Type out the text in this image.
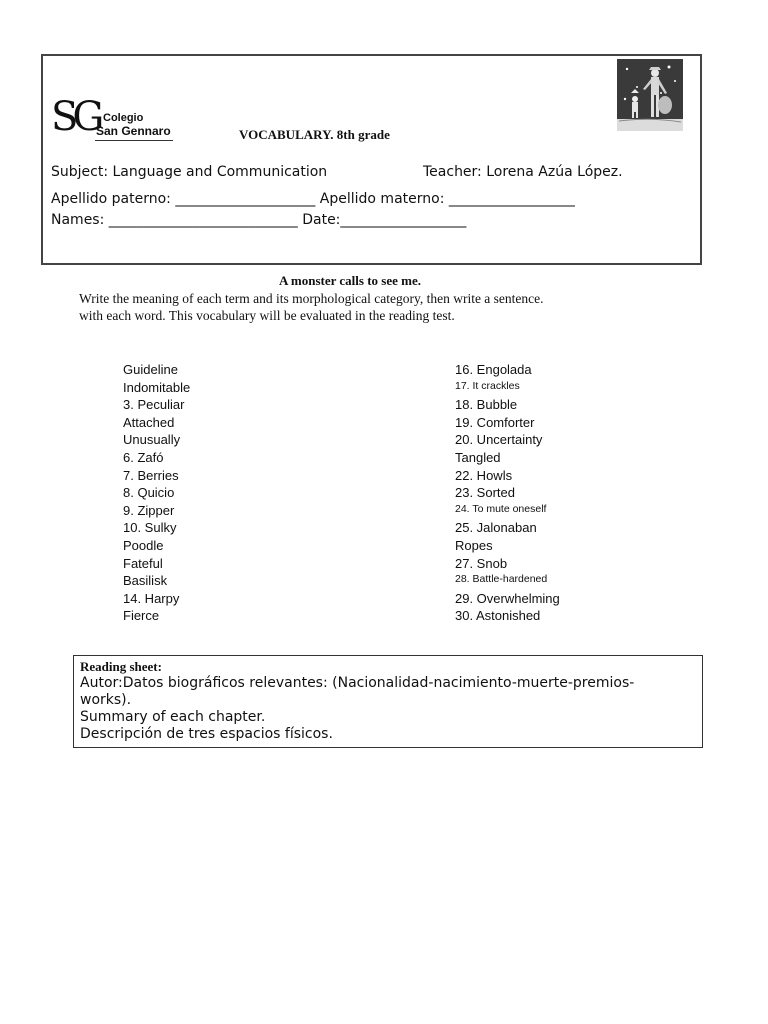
SG Colegio
San Gennaro	VOCABULARY. 8th grade
Subject: Language and Communication	Teacher: Lorena Azúa López.
Apellido paterno: ____________________ Apellido materno: __________________
Names: ___________________________ Date:__________________
A monster calls to see me.
Write the meaning of each term and its morphological category, then write a sentence.
with each word. This vocabulary will be evaluated in the reading test.
Guideline
Indomitable
3. Peculiar
Attached
Unusually
6. Zafó
7. Berries
8. Quicio
9. Zipper
10. Sulky
Poodle
Fateful
Basilisk
14. Harpy
Fierce
16. Engolada
17. It crackles
18. Bubble
19. Comforter
20. Uncertainty
Tangled
22. Howls
23. Sorted
24. To mute oneself
25. Jalonaban
Ropes
27. Snob
28. Battle-hardened
29. Overwhelming
30. Astonished
Reading sheet:
Autor:Datos biográficos relevantes: (Nacionalidad-nacimiento-muerte-premios-
works).
Summary of each chapter.
Descripción de tres espacios físicos.
